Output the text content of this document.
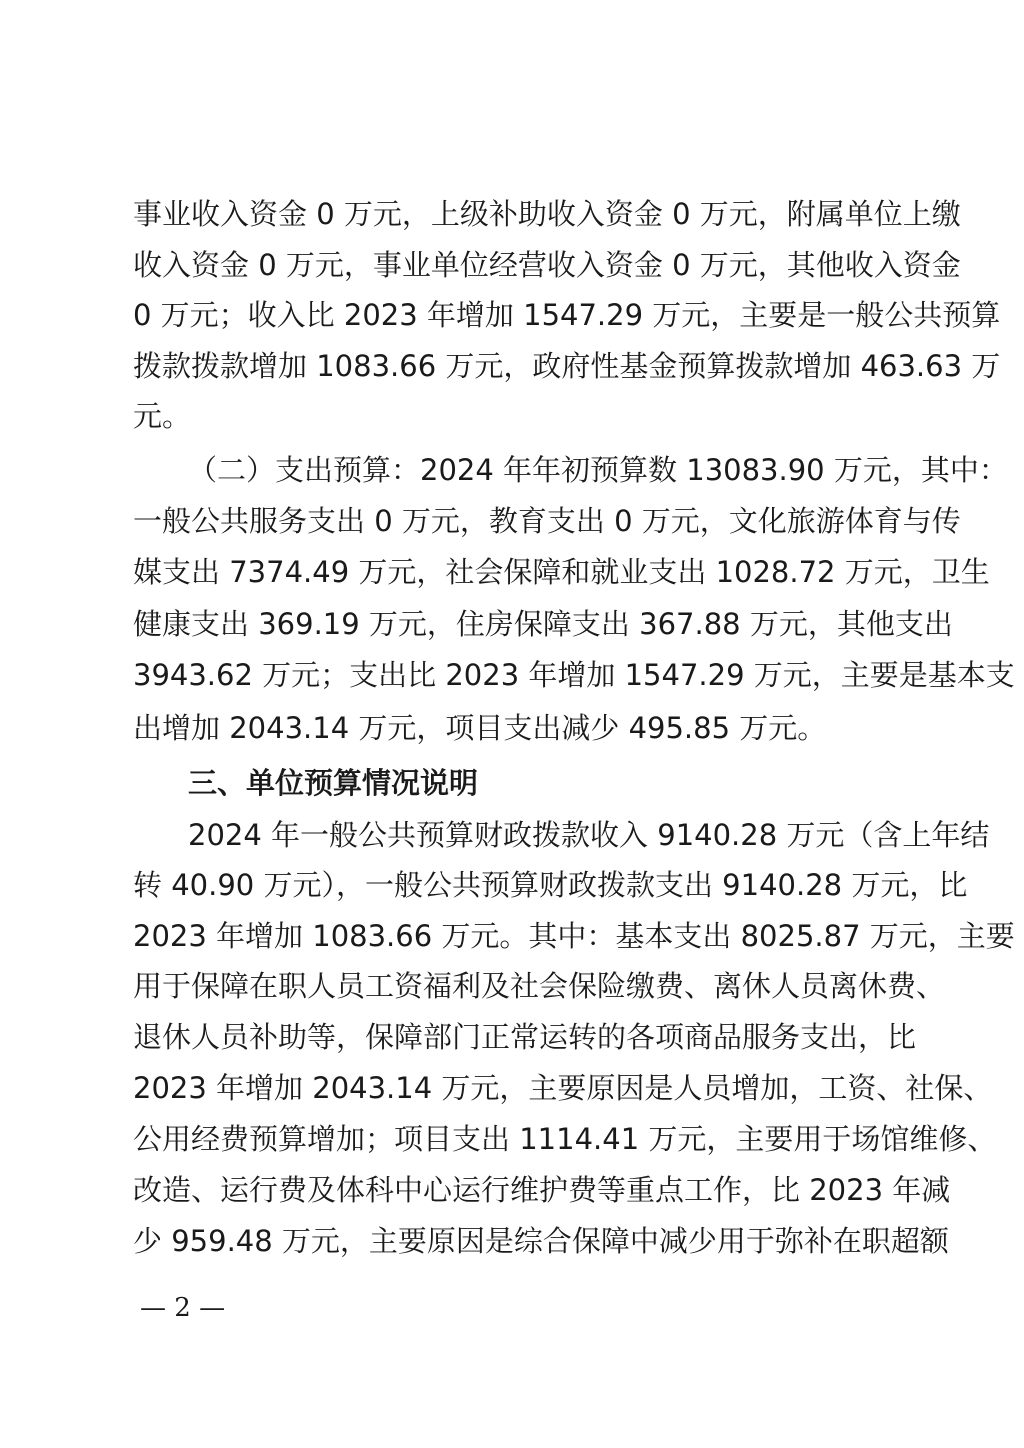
事业收入资金 0 万元，上级补助收入资金 0 万元，附属单位上缴
收入资金 0 万元，事业单位经营收入资金 0 万元，其他收入资金
0 万元；收入比 2023 年增加 1547.29 万元，主要是一般公共预算
拨款拨款增加 1083.66 万元，政府性基金预算拨款增加 463.63 万
元。
（二）支出预算：2024 年年初预算数 13083.90 万元，其中：
一般公共服务支出 0 万元，教育支出 0 万元，文化旅游体育与传
媒支出 7374.49 万元，社会保障和就业支出 1028.72 万元，卫生
健康支出 369.19 万元，住房保障支出 367.88 万元，其他支出
3943.62 万元；支出比 2023 年增加 1547.29 万元，主要是基本支
出增加 2043.14 万元，项目支出减少 495.85 万元。
三、单位预算情况说明
2024 年一般公共预算财政拨款收入 9140.28 万元（含上年结
转 40.90 万元），一般公共预算财政拨款支出 9140.28 万元，比
2023 年增加 1083.66 万元。其中：基本支出 8025.87 万元，主要
用于保障在职人员工资福利及社会保险缴费、离休人员离休费、
退休人员补助等，保障部门正常运转的各项商品服务支出，比
2023 年增加 2043.14 万元，主要原因是人员增加，工资、社保、
公用经费预算增加；项目支出 1114.41 万元，主要用于场馆维修、
改造、运行费及体科中心运行维护费等重点工作，比 2023 年减
少 959.48 万元，主要原因是综合保障中减少用于弥补在职超额
— 2 —
